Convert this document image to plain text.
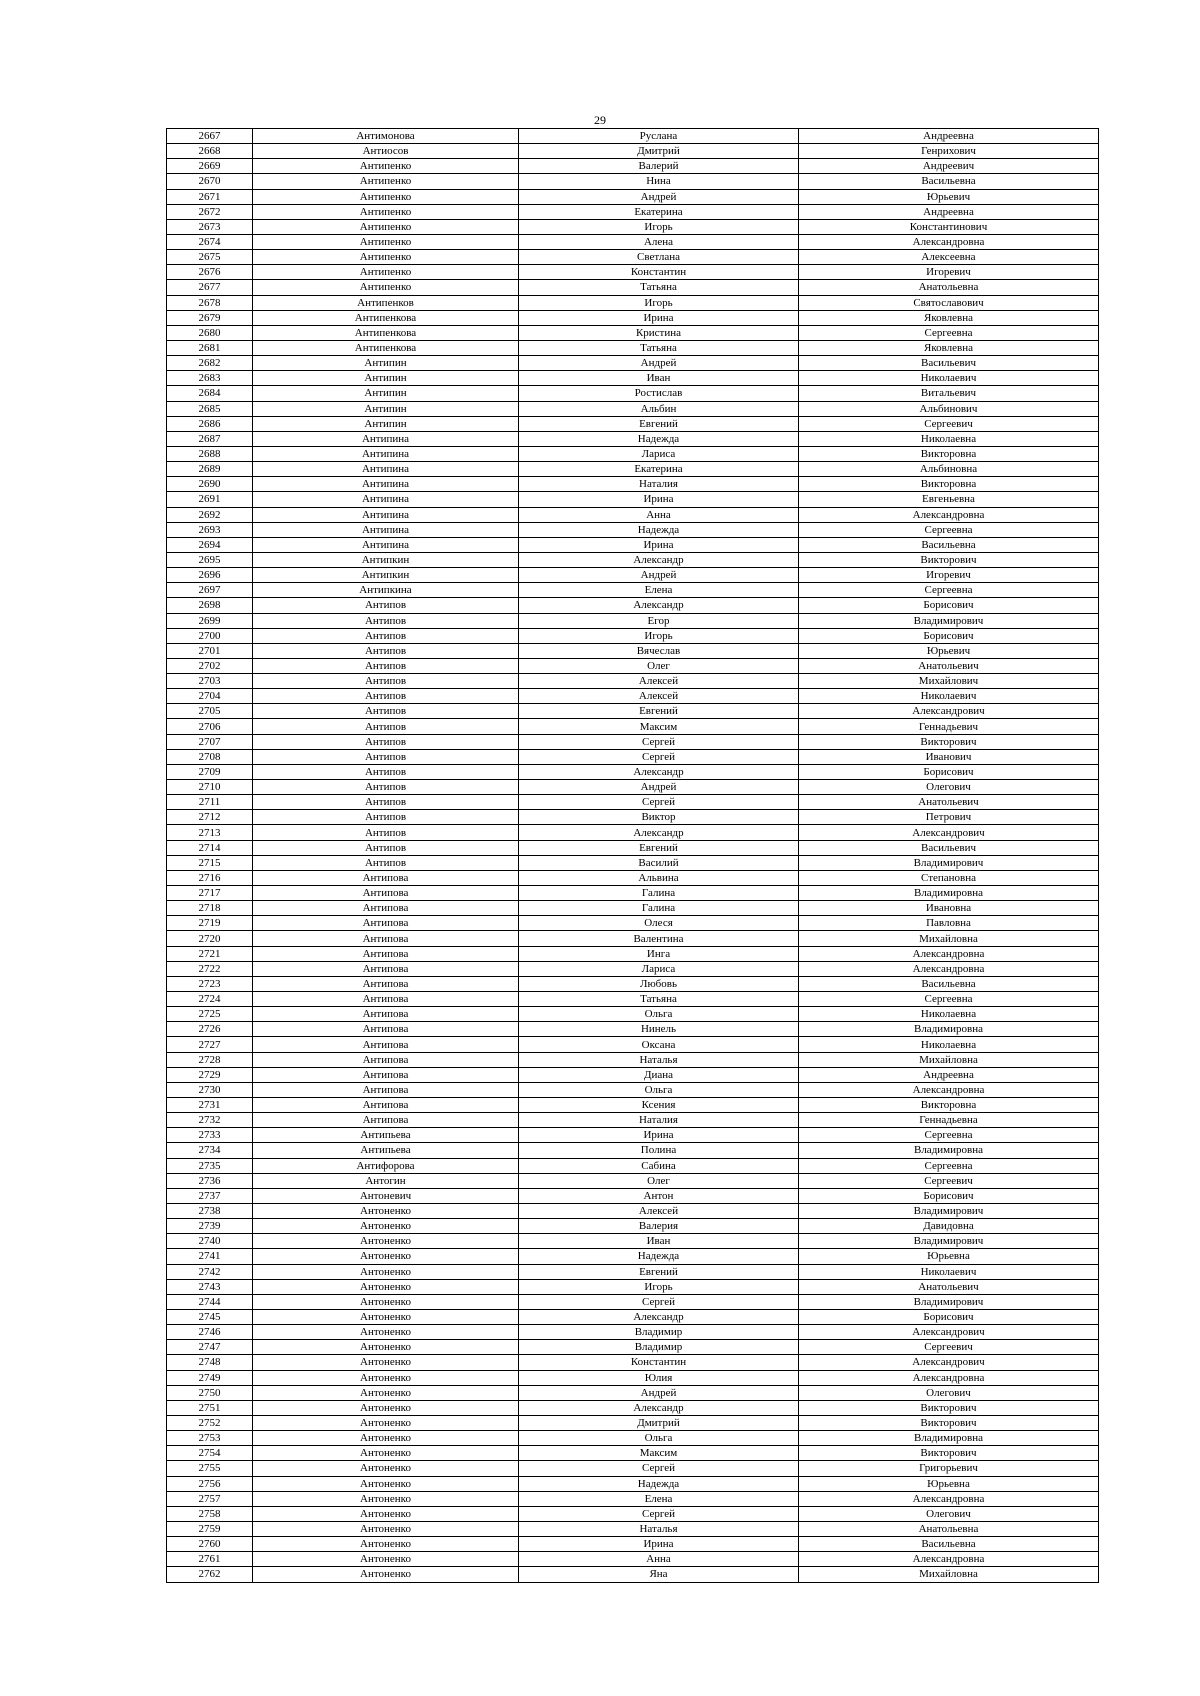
29
2667	Антимонова	Руслана	Андреевна
2668	Антиосов	Дмитрий	Генрихович
2669	Антипенко	Валерий	Андреевич
2670	Антипенко	Нина	Васильевна
2671	Антипенко	Андрей	Юрьевич
2672	Антипенко	Екатерина	Андреевна
2673	Антипенко	Игорь	Константинович
2674	Антипенко	Алена	Александровна
2675	Антипенко	Светлана	Алексеевна
2676	Антипенко	Константин	Игоревич
2677	Антипенко	Татьяна	Анатольевна
2678	Антипенков	Игорь	Святославович
2679	Антипенкова	Ирина	Яковлевна
2680	Антипенкова	Кристина	Сергеевна
2681	Антипенкова	Татьяна	Яковлевна
2682	Антипин	Андрей	Васильевич
2683	Антипин	Иван	Николаевич
2684	Антипин	Ростислав	Витальевич
2685	Антипин	Альбин	Альбинович
2686	Антипин	Евгений	Сергеевич
2687	Антипина	Надежда	Николаевна
2688	Антипина	Лариса	Викторовна
2689	Антипина	Екатерина	Альбиновна
2690	Антипина	Наталия	Викторовна
2691	Антипина	Ирина	Евгеньевна
2692	Антипина	Анна	Александровна
2693	Антипина	Надежда	Сергеевна
2694	Антипина	Ирина	Васильевна
2695	Антипкин	Александр	Викторович
2696	Антипкин	Андрей	Игоревич
2697	Антипкина	Елена	Сергеевна
2698	Антипов	Александр	Борисович
2699	Антипов	Егор	Владимирович
2700	Антипов	Игорь	Борисович
2701	Антипов	Вячеслав	Юрьевич
2702	Антипов	Олег	Анатольевич
2703	Антипов	Алексей	Михайлович
2704	Антипов	Алексей	Николаевич
2705	Антипов	Евгений	Александрович
2706	Антипов	Максим	Геннадьевич
2707	Антипов	Сергей	Викторович
2708	Антипов	Сергей	Иванович
2709	Антипов	Александр	Борисович
2710	Антипов	Андрей	Олегович
2711	Антипов	Сергей	Анатольевич
2712	Антипов	Виктор	Петрович
2713	Антипов	Александр	Александрович
2714	Антипов	Евгений	Васильевич
2715	Антипов	Василий	Владимирович
2716	Антипова	Альвина	Степановна
2717	Антипова	Галина	Владимировна
2718	Антипова	Галина	Ивановна
2719	Антипова	Олеся	Павловна
2720	Антипова	Валентина	Михайловна
2721	Антипова	Инга	Александровна
2722	Антипова	Лариса	Александровна
2723	Антипова	Любовь	Васильевна
2724	Антипова	Татьяна	Сергеевна
2725	Антипова	Ольга	Николаевна
2726	Антипова	Нинель	Владимировна
2727	Антипова	Оксана	Николаевна
2728	Антипова	Наталья	Михайловна
2729	Антипова	Диана	Андреевна
2730	Антипова	Ольга	Александровна
2731	Антипова	Ксения	Викторовна
2732	Антипова	Наталия	Геннадьевна
2733	Антипьева	Ирина	Сергеевна
2734	Антипьева	Полина	Владимировна
2735	Антифорова	Сабина	Сергеевна
2736	Антогин	Олег	Сергеевич
2737	Антоневич	Антон	Борисович
2738	Антоненко	Алексей	Владимирович
2739	Антоненко	Валерия	Давидовна
2740	Антоненко	Иван	Владимирович
2741	Антоненко	Надежда	Юрьевна
2742	Антоненко	Евгений	Николаевич
2743	Антоненко	Игорь	Анатольевич
2744	Антоненко	Сергей	Владимирович
2745	Антоненко	Александр	Борисович
2746	Антоненко	Владимир	Александрович
2747	Антоненко	Владимир	Сергеевич
2748	Антоненко	Константин	Александрович
2749	Антоненко	Юлия	Александровна
2750	Антоненко	Андрей	Олегович
2751	Антоненко	Александр	Викторович
2752	Антоненко	Дмитрий	Викторович
2753	Антоненко	Ольга	Владимировна
2754	Антоненко	Максим	Викторович
2755	Антоненко	Сергей	Григорьевич
2756	Антоненко	Надежда	Юрьевна
2757	Антоненко	Елена	Александровна
2758	Антоненко	Сергей	Олегович
2759	Антоненко	Наталья	Анатольевна
2760	Антоненко	Ирина	Васильевна
2761	Антоненко	Анна	Александровна
2762	Антоненко	Яна	Михайловна
